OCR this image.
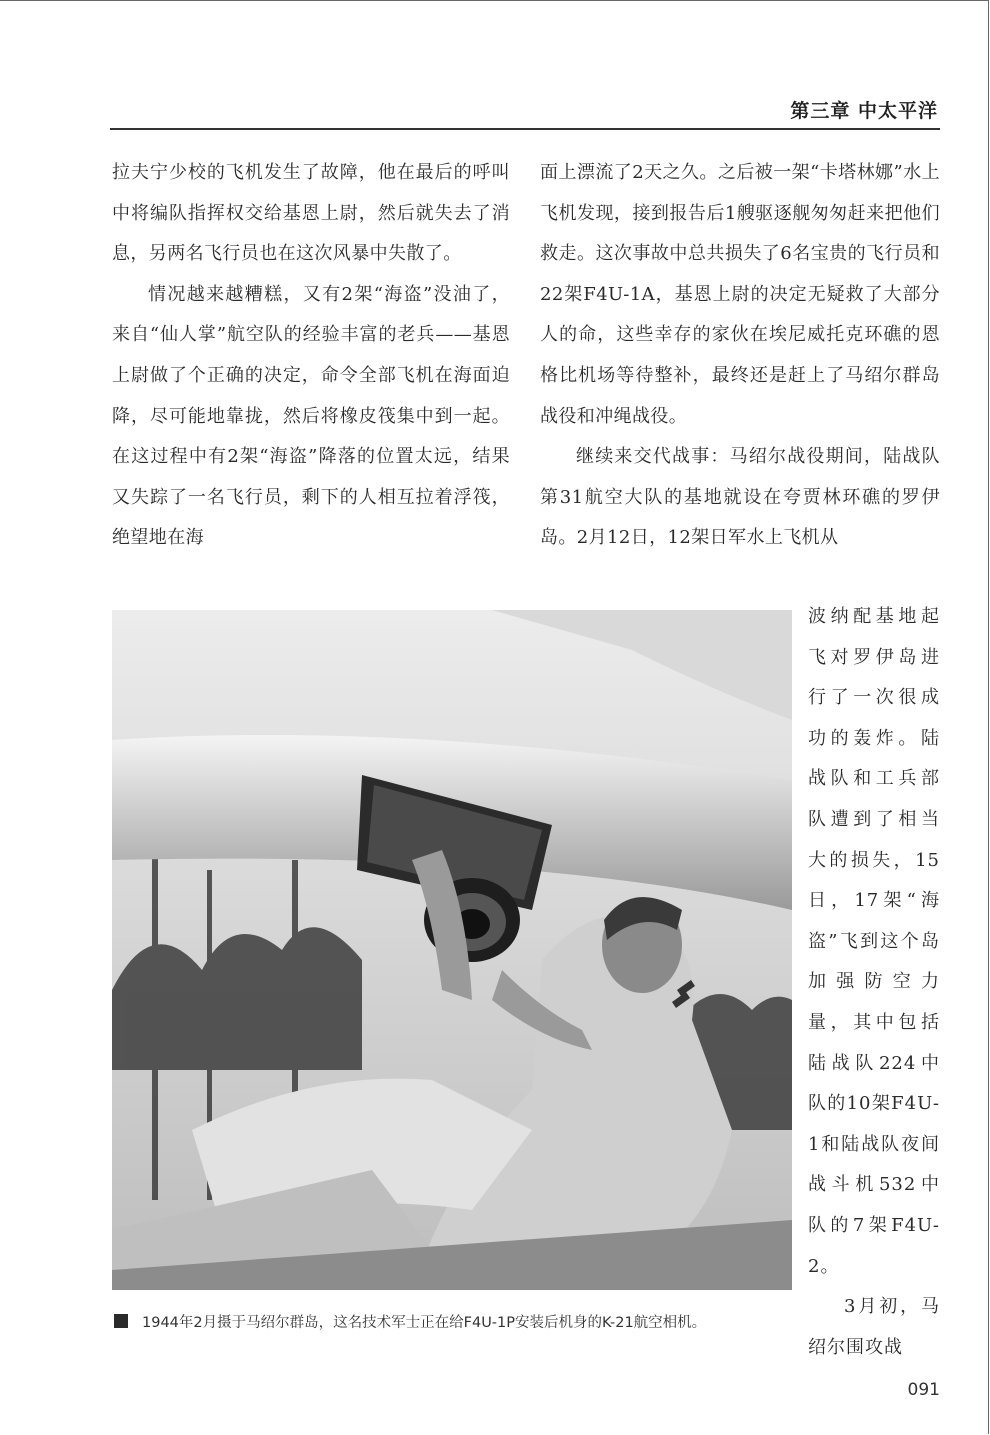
第三章 中太平洋

拉夫宁少校的飞机发生了故障，他在最后的呼叫中将编队指挥权交给基恩上尉，然后就失去了消息，另两名飞行员也在这次风暴中失散了。

情况越来越糟糕，又有2架“海盗”没油了，来自“仙人掌”航空队的经验丰富的老兵——基恩上尉做了个正确的决定，命令全部飞机在海面迫降，尽可能地靠拢，然后将橡皮筏集中到一起。在这过程中有2架“海盗”降落的位置太远，结果又失踪了一名飞行员，剩下的人相互拉着浮筏，绝望地在海

面上漂流了2天之久。之后被一架“卡塔林娜”水上飞机发现，接到报告后1艘驱逐舰匆匆赶来把他们救走。这次事故中总共损失了6名宝贵的飞行员和22架F4U-1A，基恩上尉的决定无疑救了大部分人的命，这些幸存的家伙在埃尼威托克环礁的恩格比机场等待整补，最终还是赶上了马绍尔群岛战役和冲绳战役。

继续来交代战事：马绍尔战役期间，陆战队第31航空大队的基地就设在夸贾林环礁的罗伊岛。2月12日，12架日军水上飞机从

波纳配基地起飞对罗伊岛进行了一次很成功的轰炸。陆战队和工兵部队遭到了相当大的损失，15日，17架“海盗”飞到这个岛加强防空力量，其中包括陆战队224中队的10架F4U-1和陆战队夜间战斗机532中队的7架F4U-2。

3月初，马绍尔围攻战

1944年2月摄于马绍尔群岛，这名技术军士正在给F4U-1P安装后机身的K-21航空相机。
091
